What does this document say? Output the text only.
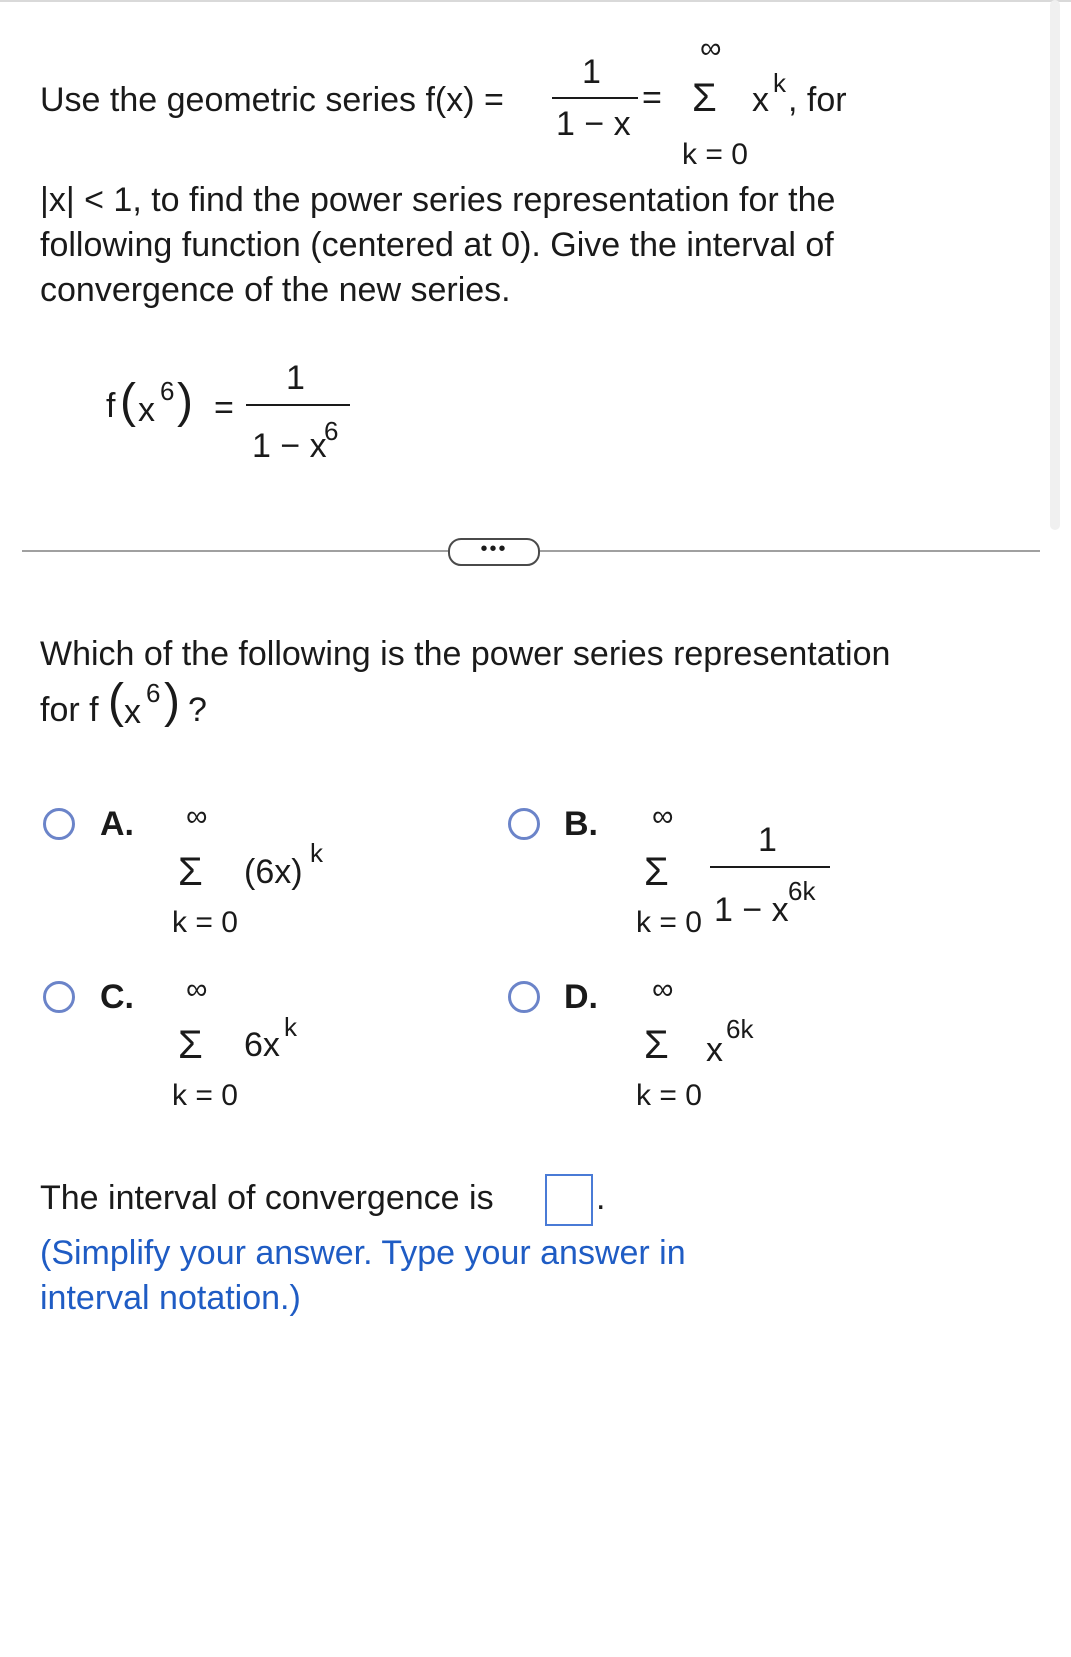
Use the geometric series f(x) =
1
1 − x
=
∞
Σ
k = 0
x k , for
|x| < 1, to find the power series representation for the
following function (centered at 0). Give the interval of
convergence of the new series.
f ( x 6 ) =
1
1 − x
6
•••
Which of the following is the power series representation
for f ( x 6 ) ?
A. ∞
Σ
k = 0
(6x) k
B. ∞
Σ
k = 0
1
1 − x 6k
C. ∞
Σ
k = 0
6x k
D. ∞
Σ
k = 0
x
6k
The interval of convergence is	.
(Simplify your answer. Type your answer in
interval notation.)
